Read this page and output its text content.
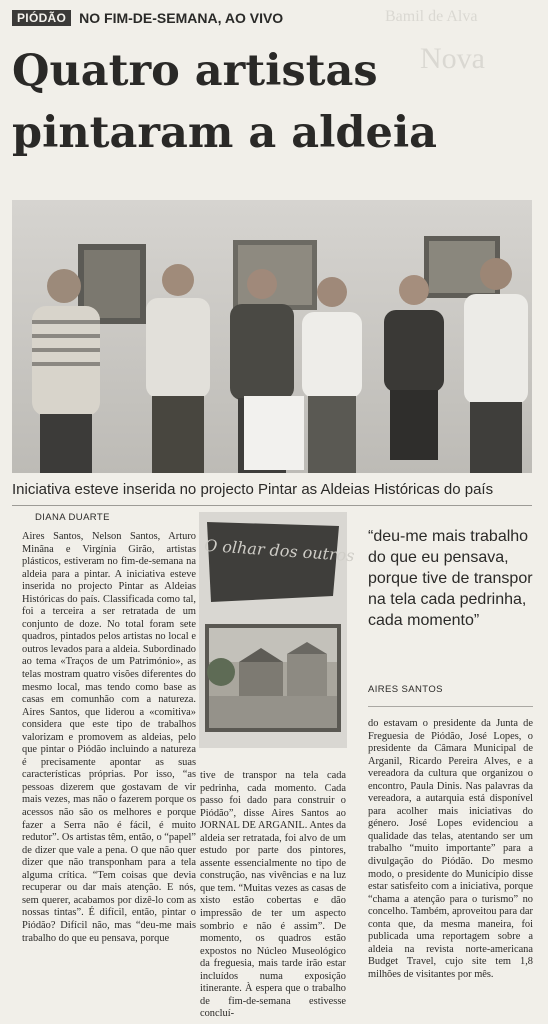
Bamil de Alva
Nova
PIÓDÃO NO FIM-DE-SEMANA, AO VIVO
Quatro artistas pintaram a aldeia
Iniciativa esteve inserida no projecto Pintar as Aldeias Históricas do país
DIANA DUARTE

Aires Santos, Nelson Santos, Arturo Minãna e Virgínia Girão, artistas plásticos, estiveram no fim-de-semana na aldeia para a pintar. A iniciativa esteve inserida no projecto Pintar as Aldeias Históricas do país. Classificada como tal, foi a terceira a ser retratada de um conjunto de doze. No total foram sete quadros, pintados pelos artistas no local e outros levados para a aldeia. Subordinado ao tema «Traços de um Património», as telas mostram quatro visões diferentes do mesmo local, mas tendo como base as casas em comunhão com a natureza. Aires Santos, que liderou a «comitiva» considera que este tipo de trabalhos valorizam e promovem as aldeias, pelo que pintar o Piódão incluindo a natureza é precisamente apontar as suas características próprias. Por isso, “as pessoas dizerem que gostavam de vir mais vezes, mas não o fazerem porque os acessos não são os melhores e porque fazer a Serra não é fácil, é muito redutor”. Os artistas têm, então, o “papel” de dizer que vale a pena. O que não quer dizer que não transponham para a tela alguma crítica. “Tem coisas que devia recuperar ou dar mais atenção. E nós, sem querer, acabamos por dizê-lo com as nossas tintas”. É difícil, então, pintar o Piódão? Difícil não, mas “deu-me mais trabalho do que eu pensava, porque

O olhar dos outros

tive de transpor na tela cada pedrinha, cada momento. Cada passo foi dado para construir o Piódão”, disse Aires Santos ao JORNAL DE ARGANIL. Antes da aldeia ser retratada, foi alvo de um estudo por parte dos pintores, assente essencialmente no tipo de construção, nas vivências e na luz que tem. “Muitas vezes as casas de xisto estão cobertas e dão impressão de ter um aspecto sombrio e não é assim”. De momento, os quadros estão expostos no Núcleo Museológico da freguesia, mais tarde irão estar incluídos numa exposição itinerante. À espera que o trabalho de fim-de-semana estivesse concluí-

“deu-me mais trabalho do que eu pensava, porque tive de transpor na tela cada pedrinha, cada momento”
AIRES SANTOS

do estavam o presidente da Junta de Freguesia de Piódão, José Lopes, o presidente da Câmara Municipal de Arganil, Ricardo Pereira Alves, e a vereadora da cultura que organizou o encontro, Paula Dinis. Nas palavras da vereadora, a autarquia está disponível para acolher mais iniciativas do género. José Lopes evidenciou a qualidade das telas, atentando ser um trabalho “muito importante” para a divulgação do Piódão. Do mesmo modo, o presidente do Município disse estar satisfeito com a iniciativa, porque “chama a atenção para o turismo” no concelho. Também, aproveitou para dar conta que, da mesma maneira, foi publicada uma reportagem sobre a aldeia na revista norte-americana Budget Travel, cujo site tem 1,8 milhões de visitantes por mês.
